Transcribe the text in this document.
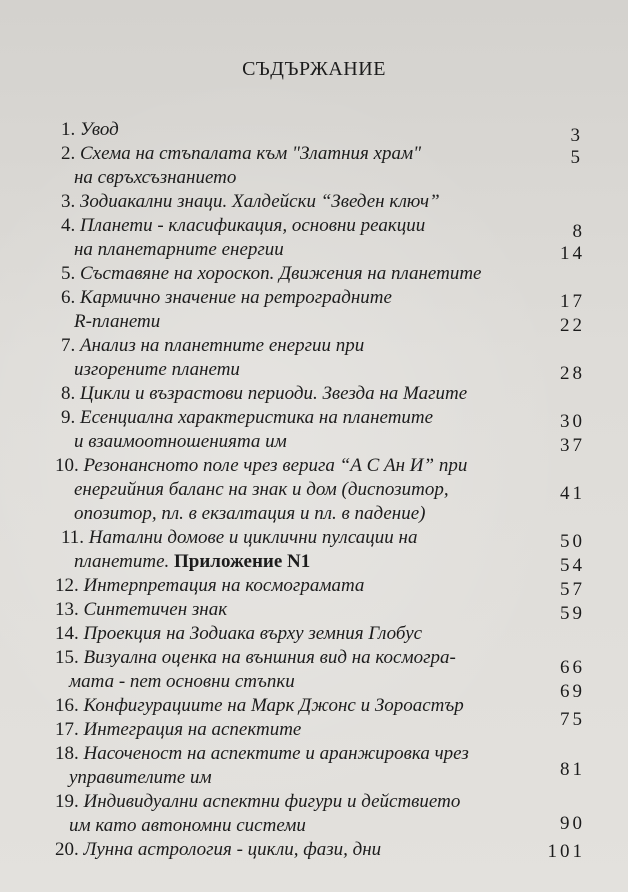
СЪДЪРЖАНИЕ
1. Увод
2. Схема на стъпалата към "Златния храм"
на свръхсъзнанието
3. Зодиакални знаци. Халдейски “Зведен ключ”
4. Планети - класификация, основни реакции
на планетарните енергии
5. Съставяне на хороскоп. Движения на планетите
6. Кармично значение на ретроградните
R-планети
7. Анализ на планетните енергии при
изгорените планети
8. Цикли и възрастови периоди. Звезда на Магите
9. Есенциална характеристика на планетите
и взаимоотношенията им
10. Резонансното поле чрез верига “А С Ан И” при
енергийния баланс на знак и дом (диспозитор,
опозитор, пл. в екзалтация и пл. в падение)
11. Натални домове и циклични пулсации на
планетите. Приложение N1
12. Интерпретация на космограмата
13. Синтетичен знак
14. Проекция на Зодиака върху земния Глобус
15. Визуална оценка на външния вид на космогра-
мата - пет основни стъпки
16. Конфигурациите на Марк Джонс и Зороастър
17. Интеграция на аспектите
18. Насоченост на аспектите и аранжировка чрез
управителите им
19. Индивидуални аспектни фигури и действието
им като автономни системи
20. Лунна астрология - цикли, фази, дни
3
5
8
14
17
22
28
30
37
41
50
54
57
59
66
69
75
81
90
101
